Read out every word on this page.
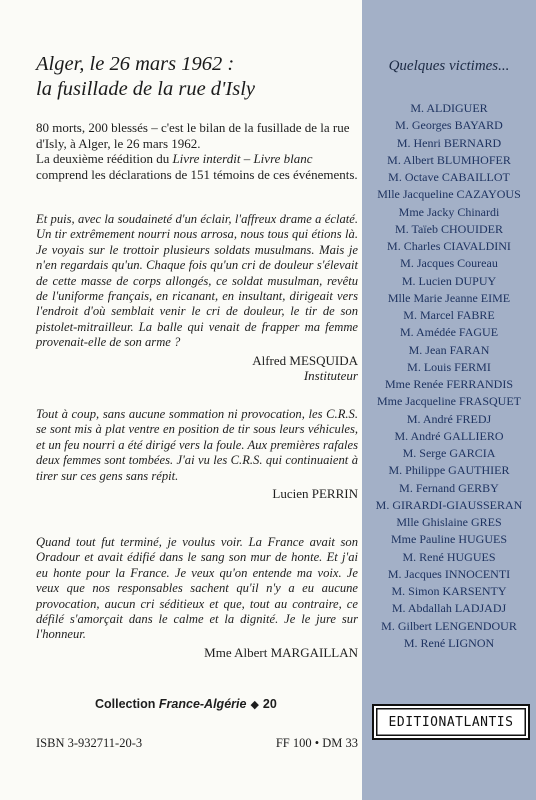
Alger, le 26 mars 1962 :
la fusillade de la rue d'Isly

80 morts, 200 blessés – c'est le bilan de la fusillade de la rue d'Isly, à Alger, le 26 mars 1962.

La deuxième réédition du Livre interdit – Livre blanc comprend les déclarations de 151 témoins de ces événements.

Et puis, avec la soudaineté d'un éclair, l'affreux drame a éclaté. Un tir extrêmement nourri nous arrosa, nous tous qui étions là. Je voyais sur le trottoir plusieurs soldats musulmans. Mais je n'en regardais qu'un. Chaque fois qu'un cri de douleur s'élevait de cette masse de corps allongés, ce soldat musulman, revêtu de l'uniforme français, en ricanant, en insultant, dirigeait vers l'endroit d'où semblait venir le cri de douleur, le tir de son pistolet-mitrailleur. La balle qui venait de frapper ma femme provenait-elle de son arme ?

Alfred MESQUIDA
Instituteur

Tout à coup, sans aucune sommation ni provocation, les C.R.S. se sont mis à plat ventre en position de tir sous leurs véhicules, et un feu nourri a été dirigé vers la foule. Aux premières rafales deux femmes sont tombées. J'ai vu les C.R.S. qui continuaient à tirer sur ces gens sans répit.

Lucien PERRIN

Quand tout fut terminé, je voulus voir. La France avait son Oradour et avait édifié dans le sang son mur de honte. Et j'ai eu honte pour la France. Je veux qu'on entende ma voix. Je veux que nos responsables sachent qu'il n'y a eu aucune provocation, aucun cri séditieux et que, tout au contraire, ce défilé s'amorçait dans le calme et la dignité. Je le jure sur l'honneur.

Mme Albert MARGAILLAN
Collection France-Algérie ◆ 20
ISBN 3-932711-20-3	FF 100 • DM 33
Quelques victimes...
M. ALDIGUER
M. Georges BAYARD
M. Henri BERNARD
M. Albert BLUMHOFER
M. Octave CABAILLOT
Mlle Jacqueline CAZAYOUS
Mme Jacky Chinardi
M. Taïeb CHOUIDER
M. Charles CIAVALDINI
M. Jacques Coureau
M. Lucien DUPUY
Mlle Marie Jeanne EIME
M. Marcel FABRE
M. Amédée FAGUE
M. Jean FARAN
M. Louis FERMI
Mme Renée FERRANDIS
Mme Jacqueline FRASQUET
M. André FREDJ
M. André GALLIERO
M. Serge GARCIA
M. Philippe GAUTHIER
M. Fernand GERBY
M. GIRARDI-GIAUSSERAN
Mlle Ghislaine GRES
Mme Pauline HUGUES
M. René HUGUES
M. Jacques INNOCENTI
M. Simon KARSENTY
M. Abdallah LADJADJ
M. Gilbert LENGENDOUR
M. René LIGNON
EDITIONATLANTIS
